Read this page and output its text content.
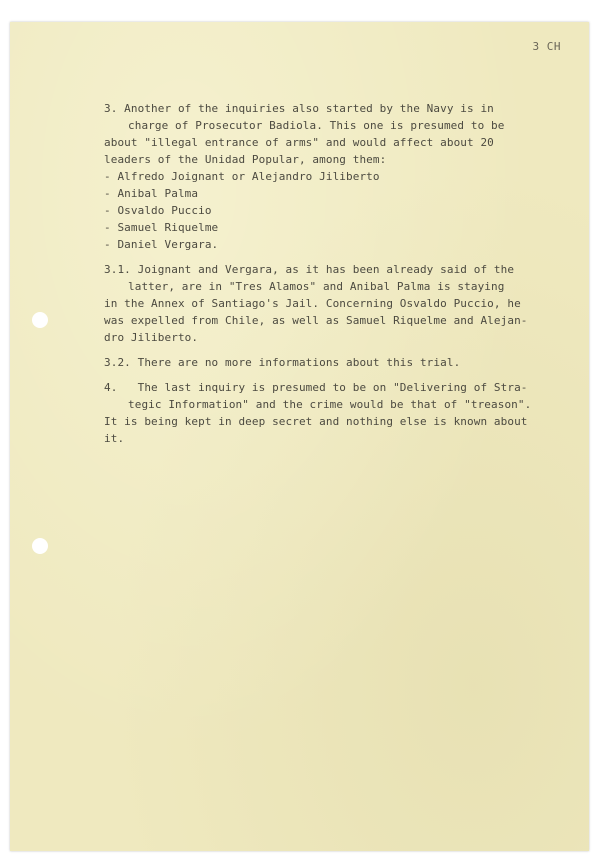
3 CH
3. Another of the inquiries also started by the Navy is in
charge of Prosecutor Badiola. This one is presumed to be
about "illegal entrance of arms" and would affect about 20
leaders of the Unidad Popular, among them:
- Alfredo Joignant or Alejandro Jiliberto
- Anibal Palma
- Osvaldo Puccio
- Samuel Riquelme
- Daniel Vergara.
3.1. Joignant and Vergara, as it has been already said of the
latter, are in "Tres Alamos" and Anibal Palma is staying
in the Annex of Santiago's Jail. Concerning Osvaldo Puccio, he
was expelled from Chile, as well as Samuel Riquelme and Alejan-
dro Jiliberto.
3.2. There are no more informations about this trial.
4.   The last inquiry is presumed to be on "Delivering of Stra-
tegic Information" and the crime would be that of "treason".
It is being kept in deep secret and nothing else is known about
it.
